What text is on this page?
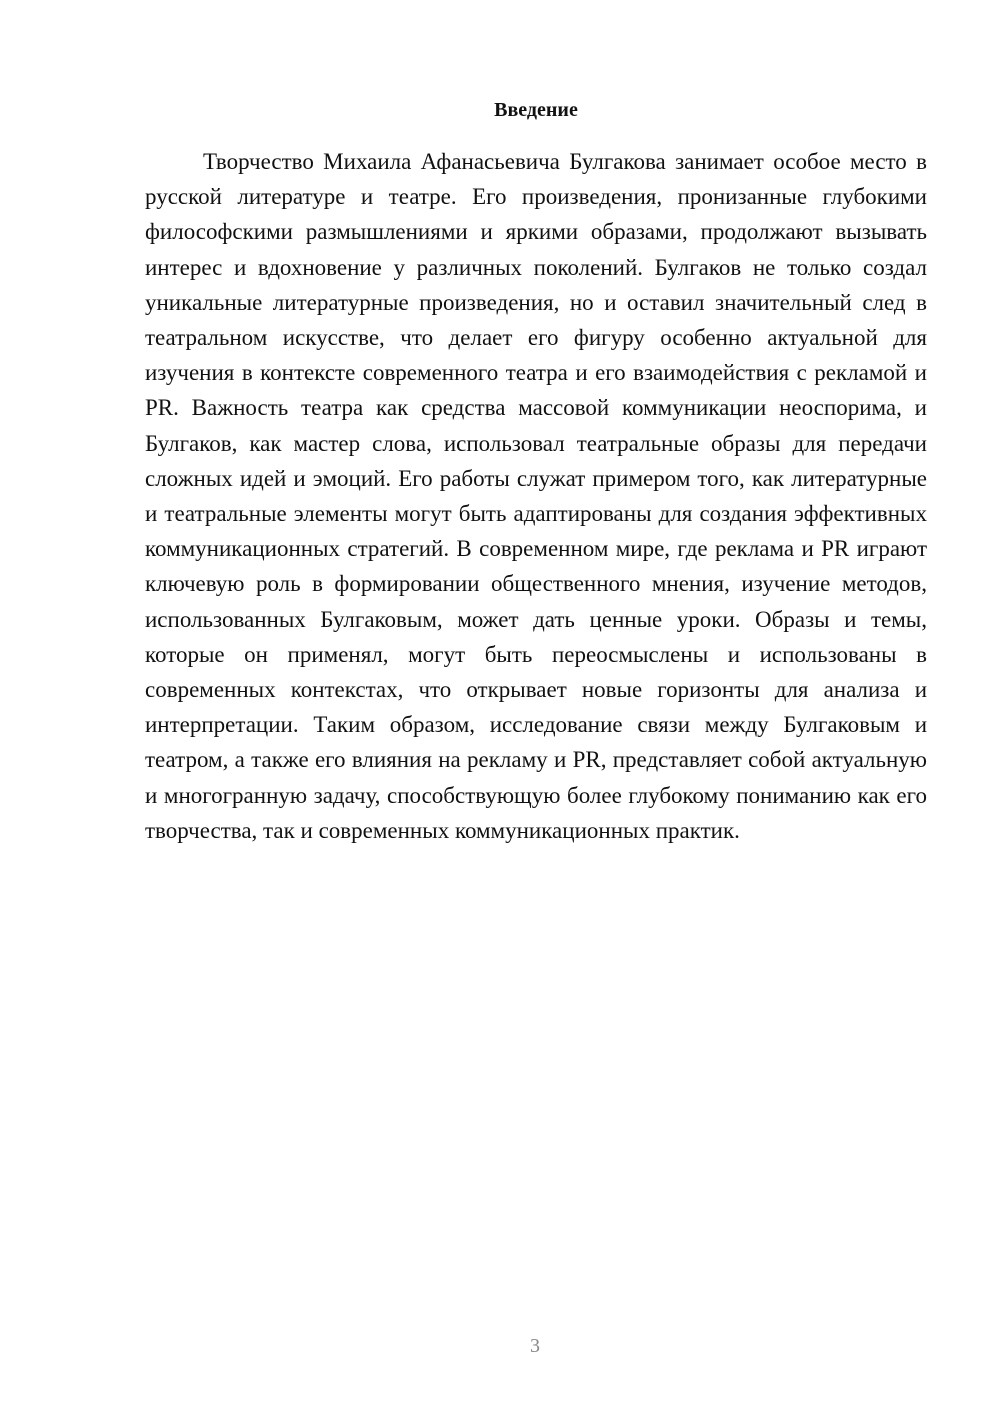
Введение

Творчество Михаила Афанасьевича Булгакова занимает особое место в русской литературе и театре. Его произведения, пронизанные глубокими философскими размышлениями и яркими образами, продолжают вызывать интерес и вдохновение у различных поколений. Булгаков не только создал уникальные литературные произведения, но и оставил значительный след в театральном искусстве, что делает его фигуру особенно актуальной для изучения в контексте современного театра и его взаимодействия с рекламой и PR. Важность театра как средства массовой коммуникации неоспорима, и Булгаков, как мастер слова, использовал театральные образы для передачи сложных идей и эмоций. Его работы служат примером того, как литературные и театральные элементы могут быть адаптированы для создания эффективных коммуникационных стратегий. В современном мире, где реклама и PR играют ключевую роль в формировании общественного мнения, изучение методов, использованных Булгаковым, может дать ценные уроки. Образы и темы, которые он применял, могут быть переосмыслены и использованы в современных контекстах, что открывает новые горизонты для анализа и интерпретации. Таким образом, исследование связи между Булгаковым и театром, а также его влияния на рекламу и PR, представляет собой актуальную и многогранную задачу, способствующую более глубокому пониманию как его творчества, так и современных коммуникационных практик.

3
